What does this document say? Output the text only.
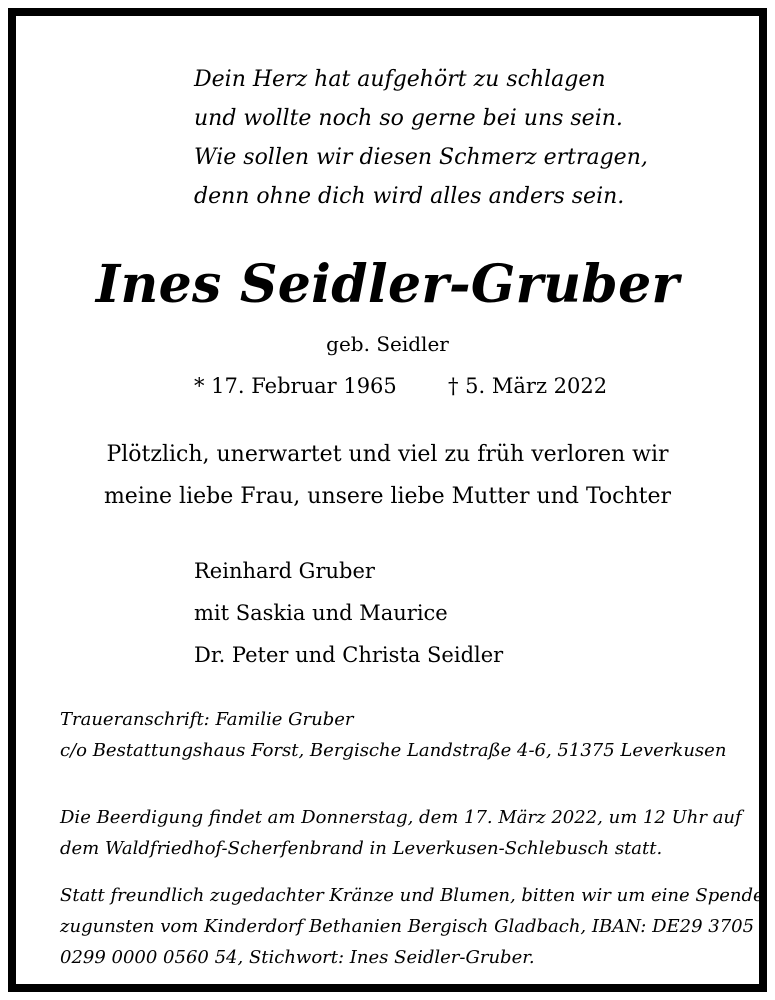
Dein Herz hat aufgehört zu schlagen
und wollte noch so gerne bei uns sein.
Wie sollen wir diesen Schmerz ertragen,
denn ohne dich wird alles anders sein.
Ines Seidler-Gruber
geb. Seidler
* 17. Februar 1965 † 5. März 2022
Plötzlich, unerwartet und viel zu früh verloren wir
meine liebe Frau, unsere liebe Mutter und Tochter
Reinhard Gruber
mit Saskia und Maurice
Dr. Peter und Christa Seidler
Traueranschrift: Familie Gruber
c/o Bestattungshaus Forst, Bergische Landstraße 4-6, 51375 Leverkusen
Die Beerdigung findet am Donnerstag, dem 17. März 2022, um 12 Uhr auf
dem Waldfriedhof-Scherfenbrand in Leverkusen-Schlebusch statt.
Statt freundlich zugedachter Kränze und Blumen, bitten wir um eine Spende
zugunsten vom Kinderdorf Bethanien Bergisch Gladbach, IBAN: DE29 3705
0299 0000 0560 54, Stichwort: Ines Seidler-Gruber.
